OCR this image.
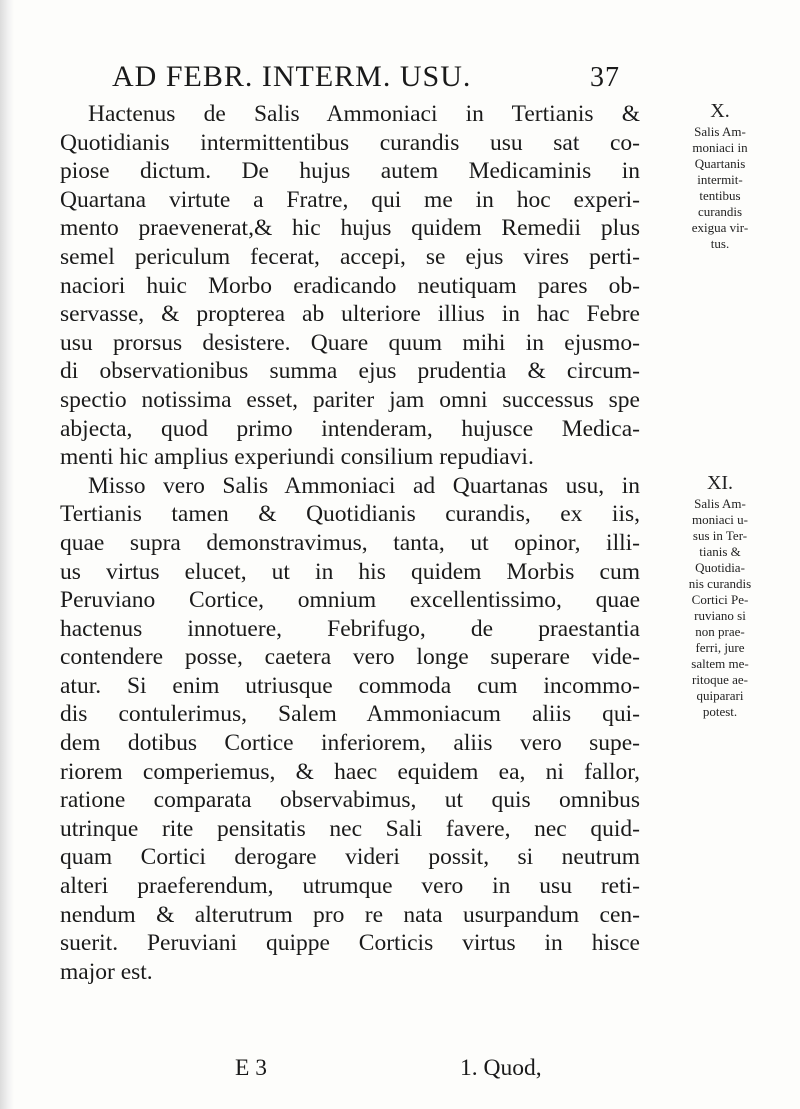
AD FEBR. INTERM. USU.	37
Hactenus de Salis Ammoniaci in Tertianis &
Quotidianis intermittentibus curandis usu sat co-
piose dictum. De hujus autem Medicaminis in
Quartana virtute a Fratre, qui me in hoc experi-
mento praevenerat,& hic hujus quidem Remedii plus
semel periculum fecerat, accepi, se ejus vires perti-
naciori huic Morbo eradicando neutiquam pares ob-
servasse, & propterea ab ulteriore illius in hac Febre
usu prorsus desistere. Quare quum mihi in ejusmo-
di observationibus summa ejus prudentia & circum-
spectio notissima esset, pariter jam omni successus spe
abjecta, quod primo intenderam, hujusce Medica-
menti hic amplius experiundi consilium repudiavi.
Misso vero Salis Ammoniaci ad Quartanas usu, in
Tertianis tamen & Quotidianis curandis, ex iis,
quae supra demonstravimus, tanta, ut opinor, illi-
us virtus elucet, ut in his quidem Morbis cum
Peruviano Cortice, omnium excellentissimo, quae
hactenus innotuere, Febrifugo, de praestantia
contendere posse, caetera vero longe superare vide-
atur. Si enim utriusque commoda cum incommo-
dis contulerimus, Salem Ammoniacum aliis qui-
dem dotibus Cortice inferiorem, aliis vero supe-
riorem comperiemus, & haec equidem ea, ni fallor,
ratione comparata observabimus, ut quis omnibus
utrinque rite pensitatis nec Sali favere, nec quid-
quam Cortici derogare videri possit, si neutrum
alteri praeferendum, utrumque vero in usu reti-
nendum & alterutrum pro re nata usurpandum cen-
suerit. Peruviani quippe Corticis virtus in hisce
major est.
X.
Salis Am-
moniaci in
Quartanis
intermit-
tentibus
curandis
exigua vir-
tus.
XI.
Salis Am-
moniaci u-
sus in Ter-
tianis &
Quotidia-
nis curandis
Cortici Pe-
ruviano si
non prae-
ferri, jure
saltem me-
ritoque ae-
quiparari
potest.
E 3	1. Quod,
